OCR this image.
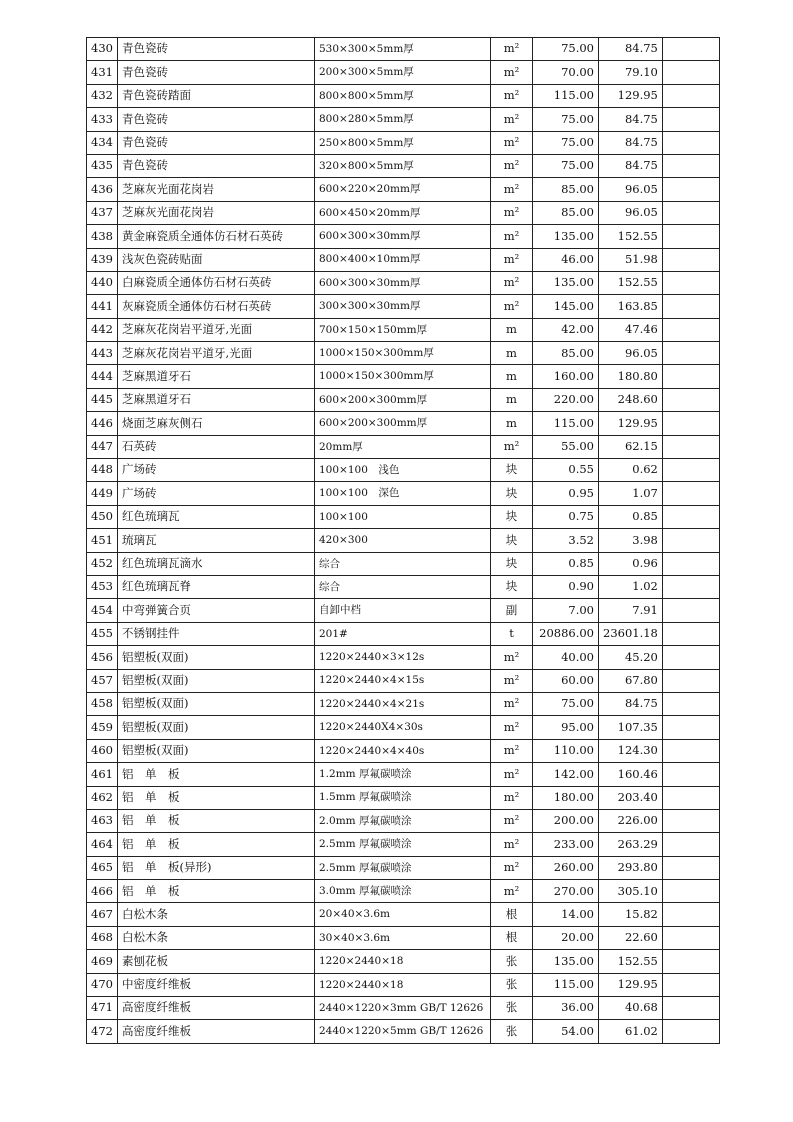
430	青色瓷砖	530×300×5mm厚	m²	75.00	84.75	
431	青色瓷砖	200×300×5mm厚	m²	70.00	79.10	
432	青色瓷砖踏面	800×800×5mm厚	m²	115.00	129.95	
433	青色瓷砖	800×280×5mm厚	m²	75.00	84.75	
434	青色瓷砖	250×800×5mm厚	m²	75.00	84.75	
435	青色瓷砖	320×800×5mm厚	m²	75.00	84.75	
436	芝麻灰光面花岗岩	600×220×20mm厚	m²	85.00	96.05	
437	芝麻灰光面花岗岩	600×450×20mm厚	m²	85.00	96.05	
438	黄金麻瓷质全通体仿石材石英砖	600×300×30mm厚	m²	135.00	152.55	
439	浅灰色瓷砖贴面	800×400×10mm厚	m²	46.00	51.98	
440	白麻瓷质全通体仿石材石英砖	600×300×30mm厚	m²	135.00	152.55	
441	灰麻瓷质全通体仿石材石英砖	300×300×30mm厚	m²	145.00	163.85	
442	芝麻灰花岗岩平道牙,光面	700×150×150mm厚	m	42.00	47.46	
443	芝麻灰花岗岩平道牙,光面	1000×150×300mm厚	m	85.00	96.05	
444	芝麻黑道牙石	1000×150×300mm厚	m	160.00	180.80	
445	芝麻黑道牙石	600×200×300mm厚	m	220.00	248.60	
446	烧面芝麻灰侧石	600×200×300mm厚	m	115.00	129.95	
447	石英砖	20mm厚	m²	55.00	62.15	
448	广场砖	100×100　浅色	块	0.55	0.62	
449	广场砖	100×100　深色	块	0.95	1.07	
450	红色琉璃瓦	100×100	块	0.75	0.85	
451	琉璃瓦	420×300	块	3.52	3.98	
452	红色琉璃瓦滴水	综合	块	0.85	0.96	
453	红色琉璃瓦脊	综合	块	0.90	1.02	
454	中弯弹簧合页	自卸中档	副	7.00	7.91	
455	不锈钢挂件	201#	t	20886.00	23601.18	
456	铝塑板(双面)	1220×2440×3×12s	m²	40.00	45.20	
457	铝塑板(双面)	1220×2440×4×15s	m²	60.00	67.80	
458	铝塑板(双面)	1220×2440×4×21s	m²	75.00	84.75	
459	铝塑板(双面)	1220×2440X4×30s	m²	95.00	107.35	
460	铝塑板(双面)	1220×2440×4×40s	m²	110.00	124.30	
461	铝　单　板	1.2mm 厚氟碳喷涂	m²	142.00	160.46	
462	铝　单　板	1.5mm 厚氟碳喷涂	m²	180.00	203.40	
463	铝　单　板	2.0mm 厚氟碳喷涂	m²	200.00	226.00	
464	铝　单　板	2.5mm 厚氟碳喷涂	m²	233.00	263.29	
465	铝　单　板(异形)	2.5mm 厚氟碳喷涂	m²	260.00	293.80	
466	铝　单　板	3.0mm 厚氟碳喷涂	m²	270.00	305.10	
467	白松木条	20×40×3.6m	根	14.00	15.82	
468	白松木条	30×40×3.6m	根	20.00	22.60	
469	素刨花板	1220×2440×18	张	135.00	152.55	
470	中密度纤维板	1220×2440×18	张	115.00	129.95	
471	高密度纤维板	2440×1220×3mm GB/T 12626	张	36.00	40.68	
472	高密度纤维板	2440×1220×5mm GB/T 12626	张	54.00	61.02	
